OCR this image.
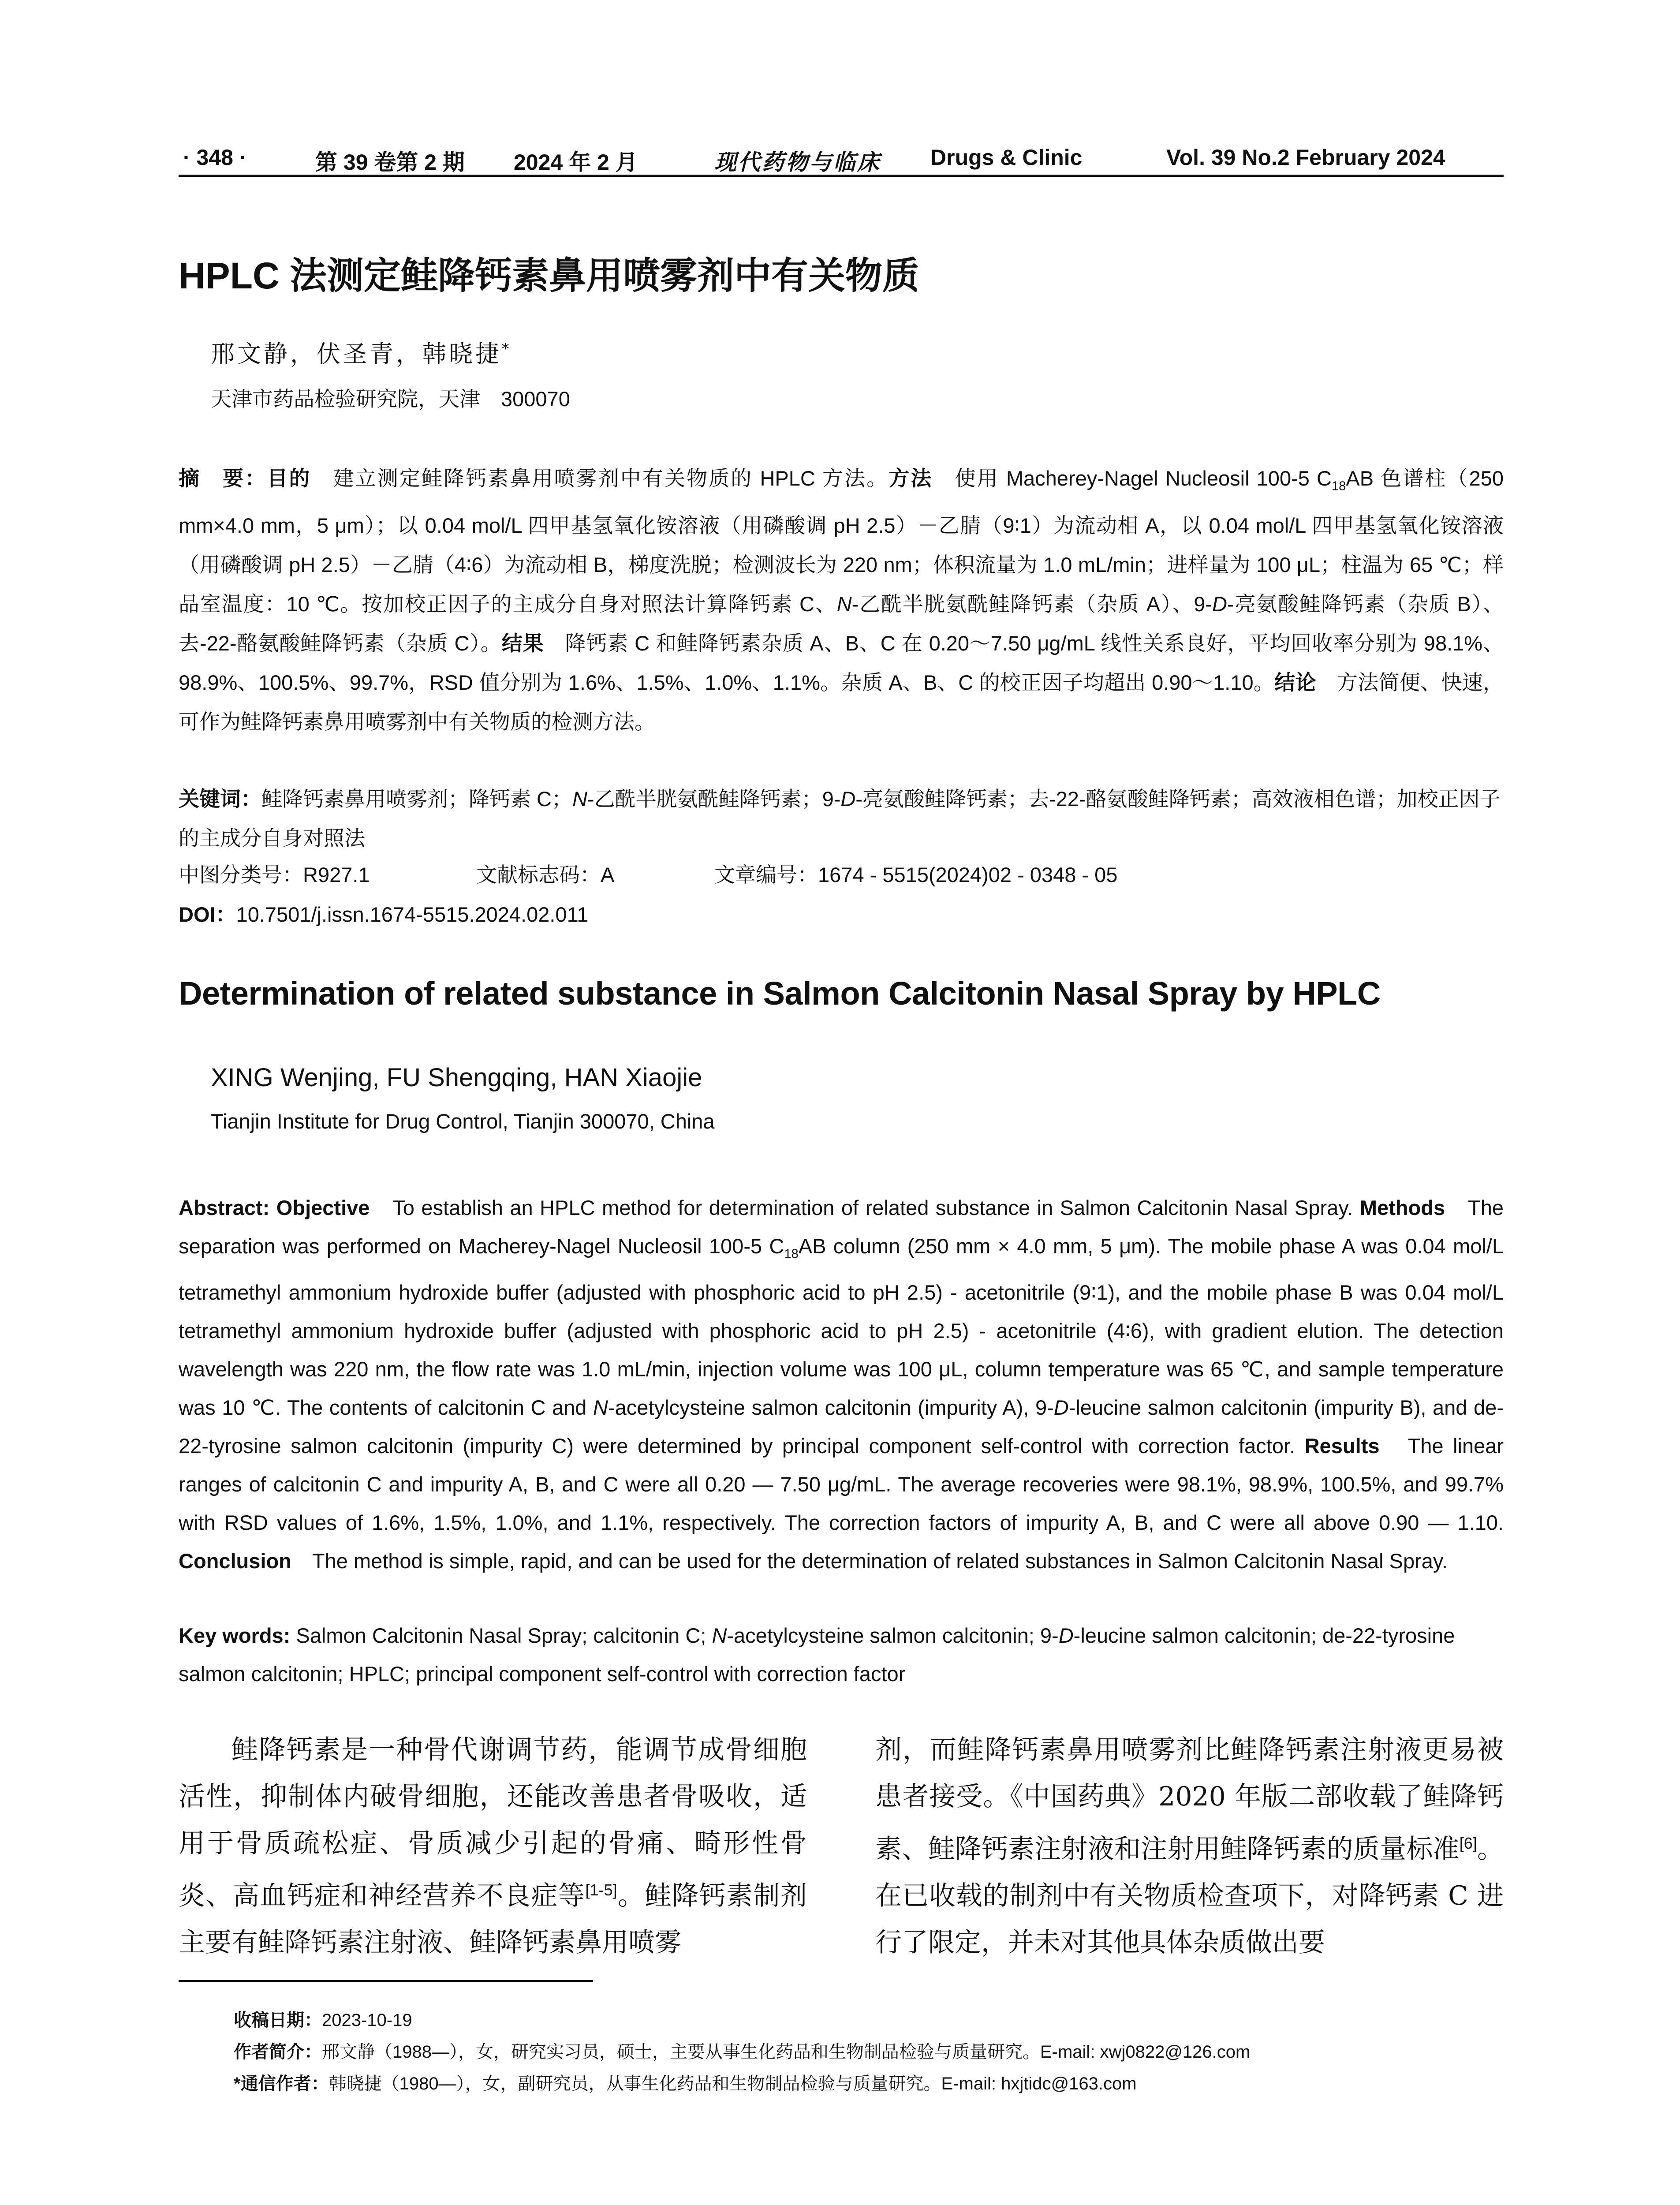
· 348 ·	第 39 卷第 2 期 2024 年 2 月	现代药物与临床 Drugs & Clinic	Vol. 39 No.2 February 2024
HPLC 法测定鲑降钙素鼻用喷雾剂中有关物质
邢文静，伏圣青，韩晓捷*
天津市药品检验研究院，天津　300070
摘　要：目的　建立测定鲑降钙素鼻用喷雾剂中有关物质的 HPLC 方法。方法　使用 Macherey-Nagel Nucleosil 100-5 $C_{18}AB$ 色谱柱（250 mm×4.0 mm，5 μm）；以 0.04 mol/L 四甲基氢氧化铵溶液（用磷酸调 pH 2.5）－乙腈（9∶1）为流动相 A，以 0.04 mol/L 四甲基氢氧化铵溶液（用磷酸调 pH 2.5）－乙腈（4∶6）为流动相 B，梯度洗脱；检测波长为 220 nm；体积流量为 1.0 mL/min；进样量为 100 μL；柱温为 65 ℃；样品室温度：10 ℃。按加校正因子的主成分自身对照法计算降钙素 C、N-乙酰半胱氨酰鲑降钙素（杂质 A）、9-D-亮氨酸鲑降钙素（杂质 B）、去-22-酪氨酸鲑降钙素（杂质 C）。结果　降钙素 C 和鲑降钙素杂质 A、B、C 在 0.20～7.50 μg/mL 线性关系良好，平均回收率分别为 98.1%、98.9%、100.5%、99.7%，RSD 值分别为 1.6%、1.5%、1.0%、1.1%。杂质 A、B、C 的校正因子均超出 0.90～1.10。结论　方法简便、快速，可作为鲑降钙素鼻用喷雾剂中有关物质的检测方法。
关键词：鲑降钙素鼻用喷雾剂；降钙素 C；N-乙酰半胱氨酰鲑降钙素；9-D-亮氨酸鲑降钙素；去-22-酪氨酸鲑降钙素；高效液相色谱；加校正因子的主成分自身对照法
中图分类号：R927.1	文献标志码：A	文章编号：1674 - 5515(2024)02 - 0348 - 05
DOI：10.7501/j.issn.1674-5515.2024.02.011
Determination of related substance in Salmon Calcitonin Nasal Spray by HPLC
XING Wenjing, FU Shengqing, HAN Xiaojie
Tianjin Institute for Drug Control, Tianjin 300070, China
Abstract: Objective　To establish an HPLC method for determination of related substance in Salmon Calcitonin Nasal Spray. Methods　The separation was performed on Macherey-Nagel Nucleosil 100-5 $C_{18}AB$ column (250 mm × 4.0 mm, 5 μm). The mobile phase A was 0.04 mol/L tetramethyl ammonium hydroxide buffer (adjusted with phosphoric acid to pH 2.5) - acetonitrile (9∶1), and the mobile phase B was 0.04 mol/L tetramethyl ammonium hydroxide buffer (adjusted with phosphoric acid to pH 2.5) - acetonitrile (4∶6), with gradient elution. The detection wavelength was 220 nm, the flow rate was 1.0 mL/min, injection volume was 100 μL, column temperature was 65 ℃, and sample temperature was 10 ℃. The contents of calcitonin C and N-acetylcysteine salmon calcitonin (impurity A), 9-D-leucine salmon calcitonin (impurity B), and de-22-tyrosine salmon calcitonin (impurity C) were determined by principal component self-control with correction factor. Results　The linear ranges of calcitonin C and impurity A, B, and C were all 0.20 — 7.50 μg/mL. The average recoveries were 98.1%, 98.9%, 100.5%, and 99.7% with RSD values of 1.6%, 1.5%, 1.0%, and 1.1%, respectively. The correction factors of impurity A, B, and C were all above 0.90 — 1.10. Conclusion　The method is simple, rapid, and can be used for the determination of related substances in Salmon Calcitonin Nasal Spray.
Key words: Salmon Calcitonin Nasal Spray; calcitonin C; N-acetylcysteine salmon calcitonin; 9-D-leucine salmon calcitonin; de-22-tyrosine salmon calcitonin; HPLC; principal component self-control with correction factor

鲑降钙素是一种骨代谢调节药，能调节成骨细胞活性，抑制体内破骨细胞，还能改善患者骨吸收，适用于骨质疏松症、骨质减少引起的骨痛、畸形性骨炎、高血钙症和神经营养不良症等[1-5]。鲑降钙素制剂主要有鲑降钙素注射液、鲑降钙素鼻用喷雾

剂，而鲑降钙素鼻用喷雾剂比鲑降钙素注射液更易被患者接受。《中国药典》2020 年版二部收载了鲑降钙素、鲑降钙素注射液和注射用鲑降钙素的质量标准[6]。在已收载的制剂中有关物质检查项下，对降钙素 C 进行了限定，并未对其他具体杂质做出要

收稿日期：2023-10-19
作者简介：邢文静（1988—），女，研究实习员，硕士，主要从事生化药品和生物制品检验与质量研究。E-mail: xwj0822@126.com
*通信作者：韩晓捷（1980—），女，副研究员，从事生化药品和生物制品检验与质量研究。E-mail: hxjtidc@163.com
